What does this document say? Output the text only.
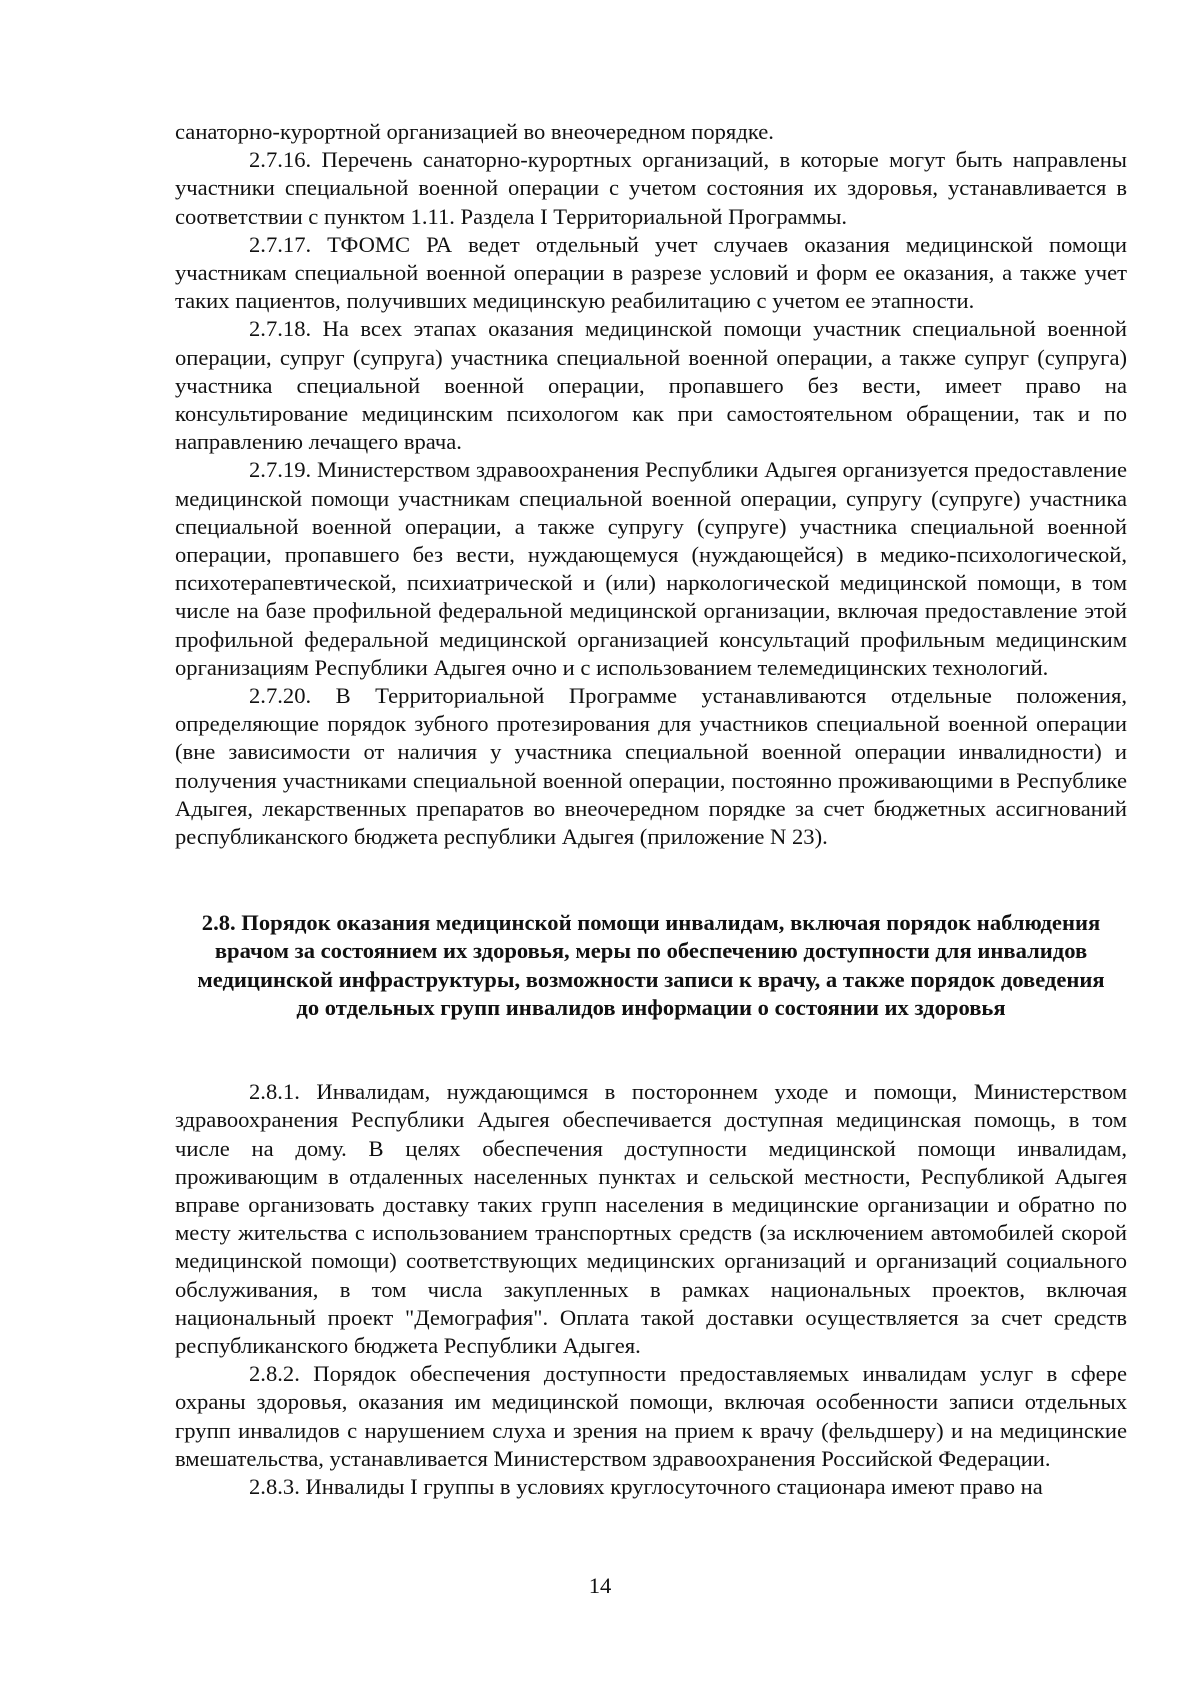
санаторно-курортной организацией во внеочередном порядке.

2.7.16. Перечень санаторно-курортных организаций, в которые могут быть направлены участники специальной военной операции с учетом состояния их здоровья, устанавливается в соответствии с пунктом 1.11. Раздела I Территориальной Программы.

2.7.17. ТФОМС РА ведет отдельный учет случаев оказания медицинской помощи участникам специальной военной операции в разрезе условий и форм ее оказания, а также учет таких пациентов, получивших медицинскую реабилитацию с учетом ее этапности.

2.7.18. На всех этапах оказания медицинской помощи участник специальной военной операции, супруг (супруга) участника специальной военной операции, а также супруг (супруга) участника специальной военной операции, пропавшего без вести, имеет право на консультирование медицинским психологом как при самостоятельном обращении, так и по направлению лечащего врача.

2.7.19. Министерством здравоохранения Республики Адыгея организуется предоставление медицинской помощи участникам специальной военной операции, супругу (супруге) участника специальной военной операции, а также супругу (супруге) участника специальной военной операции, пропавшего без вести, нуждающемуся (нуждающейся) в медико-психологической, психотерапевтической, психиатрической и (или) наркологической медицинской помощи, в том числе на базе профильной федеральной медицинской организации, включая предоставление этой профильной федеральной медицинской организацией консультаций профильным медицинским организациям Республики Адыгея очно и с использованием телемедицинских технологий.

2.7.20. В Территориальной Программе устанавливаются отдельные положения, определяющие порядок зубного протезирования для участников специальной военной операции (вне зависимости от наличия у участника специальной военной операции инвалидности) и получения участниками специальной военной операции, постоянно проживающими в Республике Адыгея, лекарственных препаратов во внеочередном порядке за счет бюджетных ассигнований республиканского бюджета республики Адыгея (приложение N 23).

2.8. Порядок оказания медицинской помощи инвалидам, включая порядок наблюдения врачом за состоянием их здоровья, меры по обеспечению доступности для инвалидов медицинской инфраструктуры, возможности записи к врачу, а также порядок доведения до отдельных групп инвалидов информации о состоянии их здоровья

2.8.1. Инвалидам, нуждающимся в постороннем уходе и помощи, Министерством здравоохранения Республики Адыгея обеспечивается доступная медицинская помощь, в том числе на дому. В целях обеспечения доступности медицинской помощи инвалидам, проживающим в отдаленных населенных пунктах и сельской местности, Республикой Адыгея вправе организовать доставку таких групп населения в медицинские организации и обратно по месту жительства с использованием транспортных средств (за исключением автомобилей скорой медицинской помощи) соответствующих медицинских организаций и организаций социального обслуживания, в том числа закупленных в рамках национальных проектов, включая национальный проект "Демография". Оплата такой доставки осуществляется за счет средств республиканского бюджета Республики Адыгея.

2.8.2. Порядок обеспечения доступности предоставляемых инвалидам услуг в сфере охраны здоровья, оказания им медицинской помощи, включая особенности записи отдельных групп инвалидов с нарушением слуха и зрения на прием к врачу (фельдшеру) и на медицинские вмешательства, устанавливается Министерством здравоохранения Российской Федерации.

2.8.3. Инвалиды I группы в условиях круглосуточного стационара имеют право на

14
